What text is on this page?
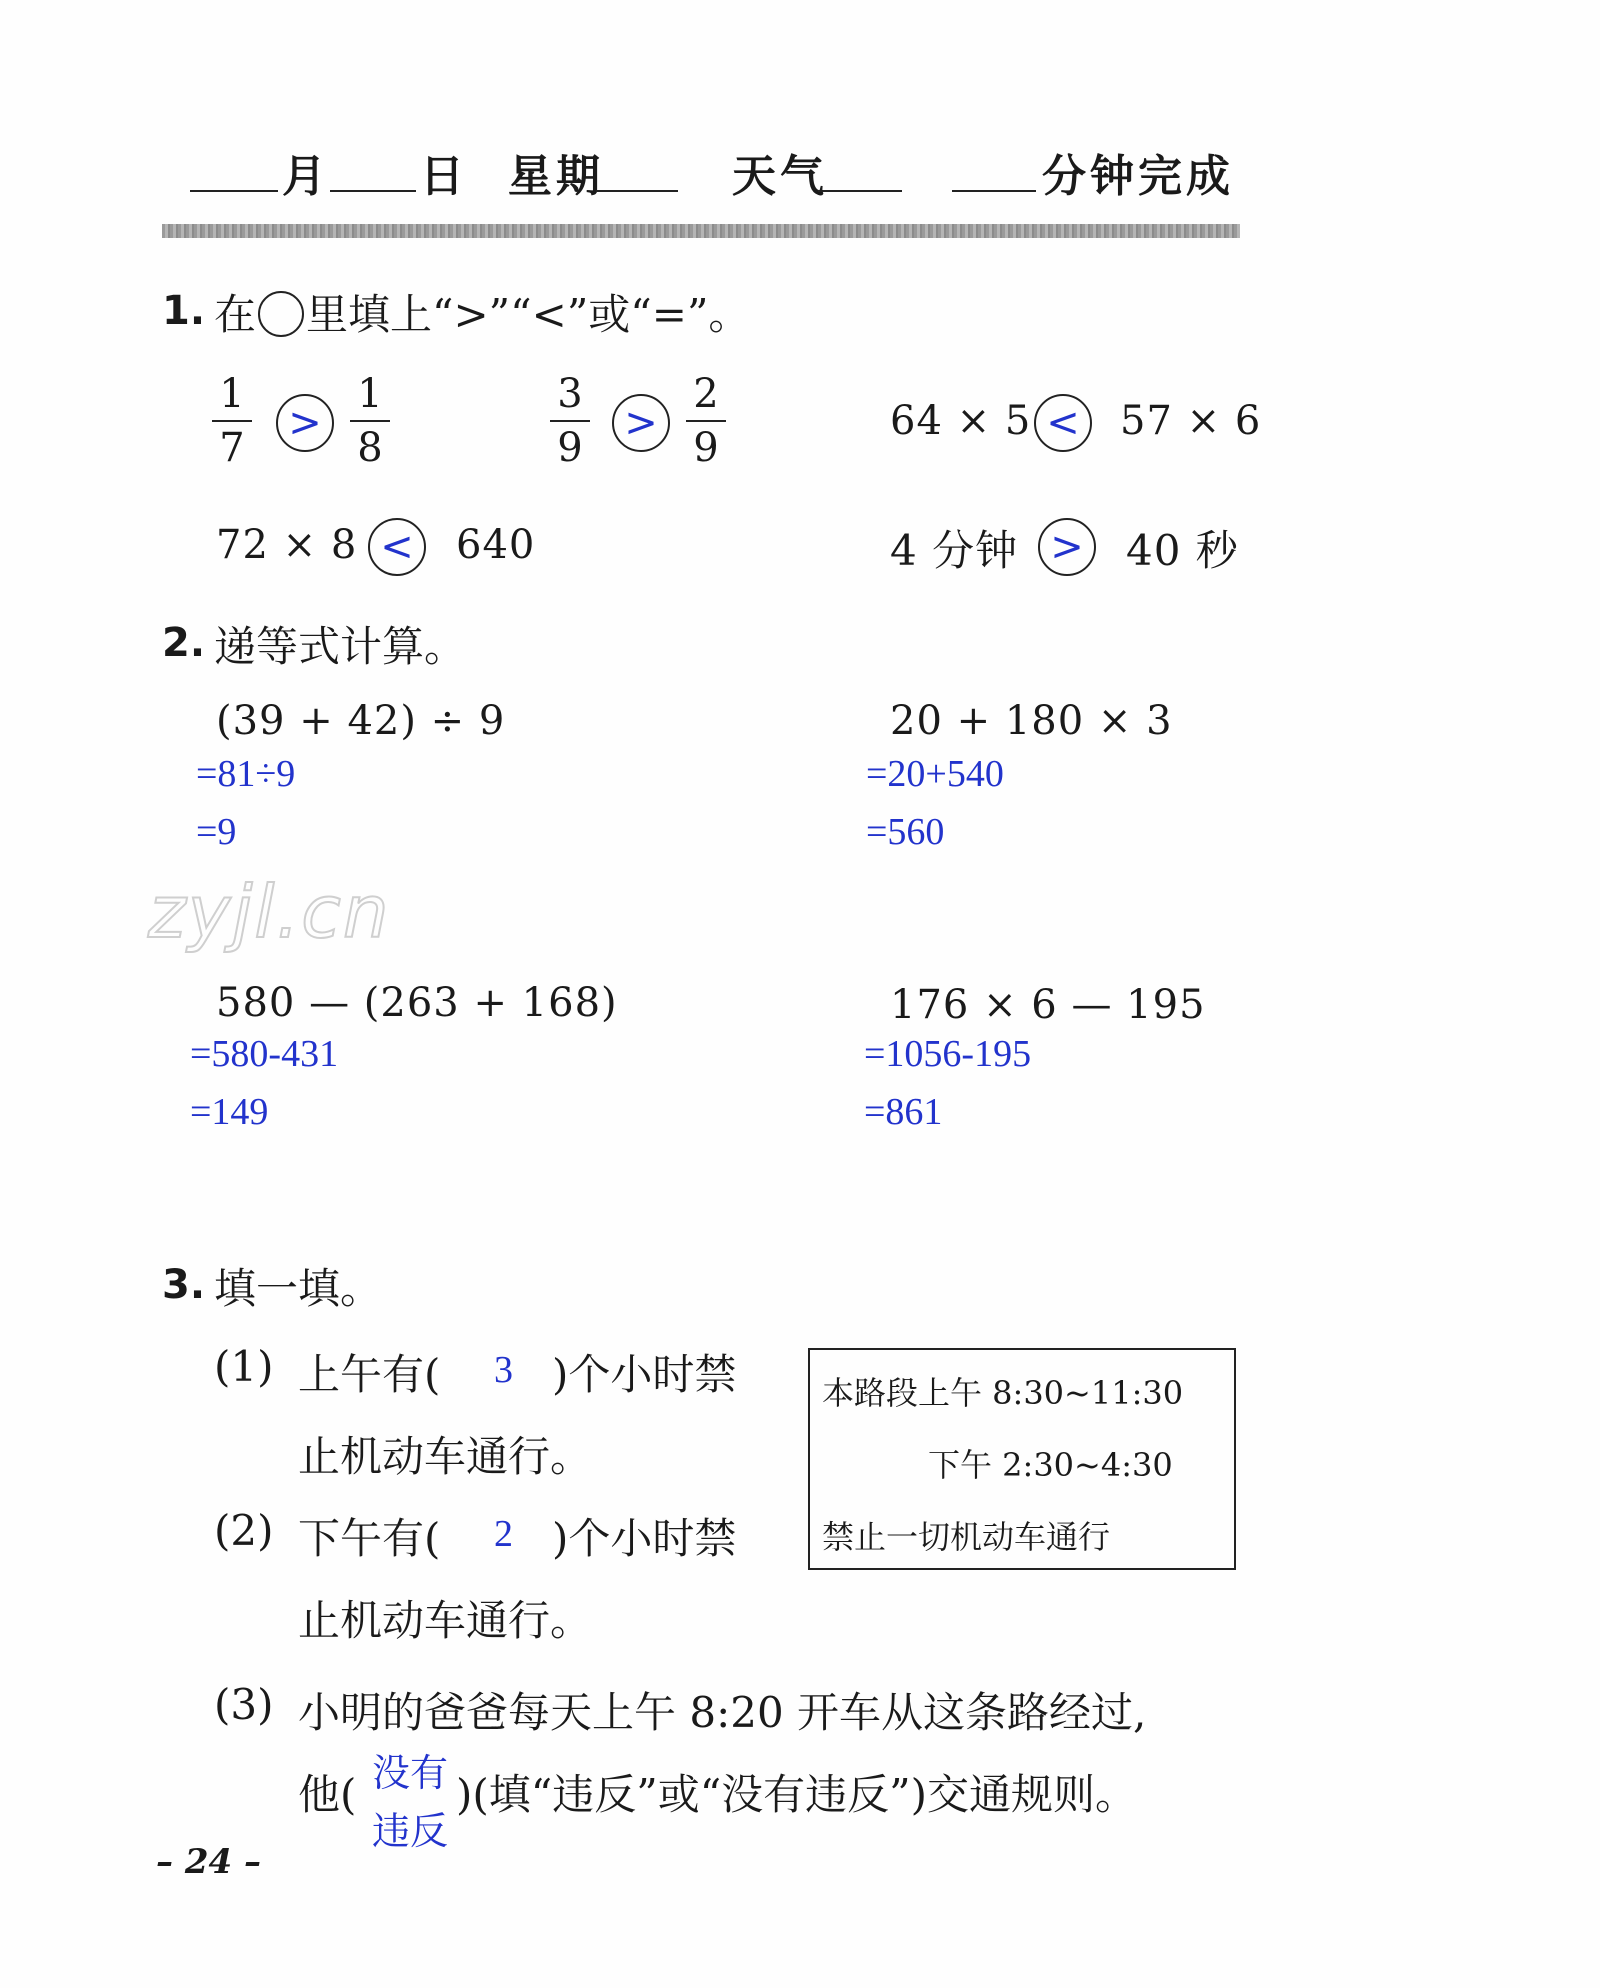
月 日 星期	天气	分钟完成
1. 在 里填上“>”“<”或“=”。
1
7
>
1
8
3
9
>
2
9
64 × 5 <	57 × 6
72 × 8 <	640	4 分钟 > 40 秒
2. 递等式计算。
(39 + 42) ÷ 9
=81÷9
=9
20 + 180 × 3
=20+540
=560
zyjl.cn
580 — (263 + 168)
=580-431
=149
176 × 6 — 195
=1056-195
=861
3. 填一填。
(1) 上午有( 3 )个小时禁
止机动车通行。
(2) 下午有( 2 )个小时禁
止机动车通行。
本路段上午 8:30~11:30
下午 2:30~4:30
禁止一切机动车通行
(3) 小明的爸爸每天上午 8:20 开车从这条路经过,
他( 没有
违反
)(填“违反”或“没有违反”)交通规则。
– 24 –
